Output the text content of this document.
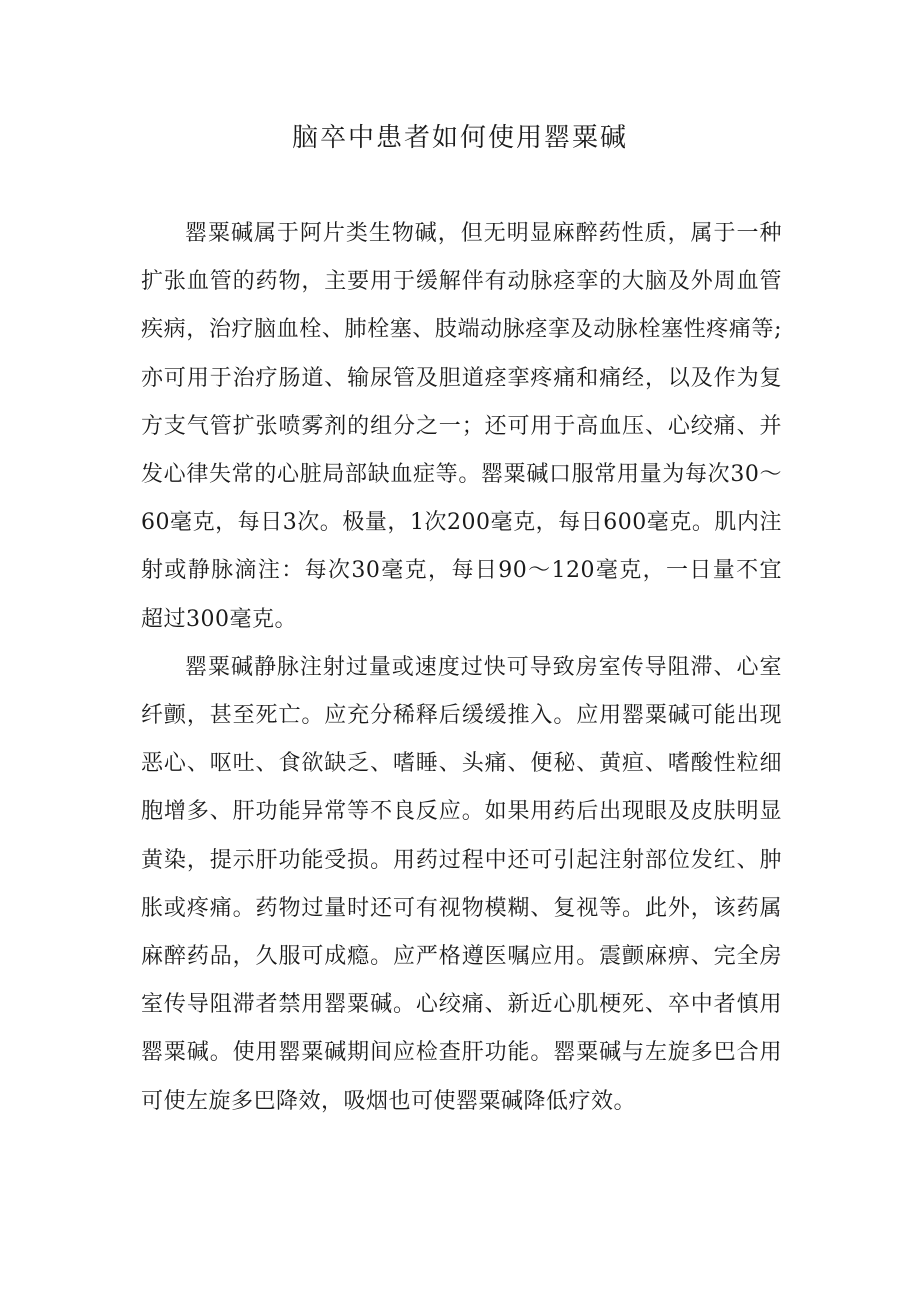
脑卒中患者如何使用罂粟碱

罂粟碱属于阿片类生物碱，但无明显麻醉药性质，属于一种扩张血管的药物，主要用于缓解伴有动脉痉挛的大脑及外周血管疾病，治疗脑血栓、肺栓塞、肢端动脉痉挛及动脉栓塞性疼痛等;亦可用于治疗肠道、输尿管及胆道痉挛疼痛和痛经，以及作为复方支气管扩张喷雾剂的组分之一；还可用于高血压、心绞痛、并发心律失常的心脏局部缺血症等。罂粟碱口服常用量为每次30～60毫克，每日3次。极量，1次200毫克，每日600毫克。肌内注射或静脉滴注：每次30毫克，每日90～120毫克，一日量不宜超过300毫克。

罂粟碱静脉注射过量或速度过快可导致房室传导阻滞、心室纤颤，甚至死亡。应充分稀释后缓缓推入。应用罂粟碱可能出现恶心、呕吐、食欲缺乏、嗜睡、头痛、便秘、黄疸、嗜酸性粒细胞增多、肝功能异常等不良反应。如果用药后出现眼及皮肤明显黄染，提示肝功能受损。用药过程中还可引起注射部位发红、肿胀或疼痛。药物过量时还可有视物模糊、复视等。此外，该药属麻醉药品，久服可成瘾。应严格遵医嘱应用。震颤麻痹、完全房室传导阻滞者禁用罂粟碱。心绞痛、新近心肌梗死、卒中者慎用罂粟碱。使用罂粟碱期间应检查肝功能。罂粟碱与左旋多巴合用可使左旋多巴降效，吸烟也可使罂粟碱降低疗效。
